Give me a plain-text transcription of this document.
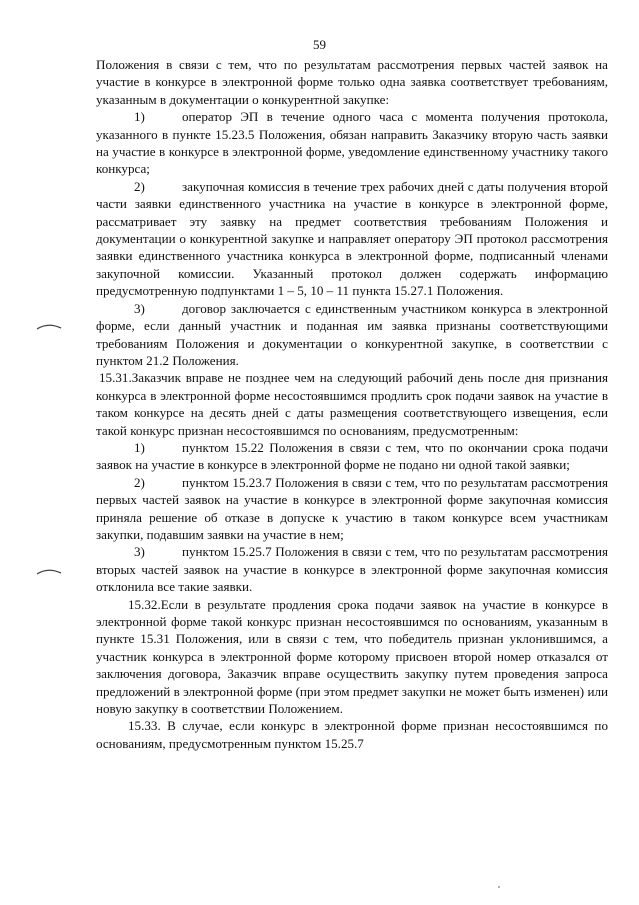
59

Положения в связи с тем, что по результатам рассмотрения первых частей заявок на участие в конкурсе в электронной форме только одна заявка соответствует требованиям, указанным в документации о конкурентной закупке:

1)	оператор ЭП в течение одного часа с момента получения протокола, указанного в пункте 15.23.5 Положения, обязан направить Заказчику вторую часть заявки на участие в конкурсе в электронной форме, уведомление единственному участнику такого конкурса;

2)	закупочная комиссия в течение трех рабочих дней с даты получения второй части заявки единственного участника на участие в конкурсе в электронной форме, рассматривает эту заявку на предмет соответствия требованиям Положения и документации о конкурентной закупке и направляет оператору ЭП протокол рассмотрения заявки единственного участника конкурса в электронной форме, подписанный членами закупочной комиссии. Указанный протокол должен содержать информацию предусмотренную подпунктами 1 – 5, 10 – 11 пункта 15.27.1 Положения.

3)	договор заключается с единственным участником конкурса в электронной форме, если данный участник и поданная им заявка признаны соответствующими требованиям Положения и документации о конкурентной закупке, в соответствии с пунктом 21.2 Положения.

15.31.Заказчик вправе не позднее чем на следующий рабочий день после дня признания конкурса в электронной форме несостоявшимся продлить срок подачи заявок на участие в таком конкурсе на десять дней с даты размещения соответствующего извещения, если такой конкурс признан несостоявшимся по основаниям, предусмотренным:

1)	пунктом 15.22 Положения в связи с тем, что по окончании срока подачи заявок на участие в конкурсе в электронной форме не подано ни одной такой заявки;

2)	пунктом 15.23.7 Положения в связи с тем, что по результатам рассмотрения первых частей заявок на участие в конкурсе в электронной форме закупочная комиссия приняла решение об отказе в допуске к участию в таком конкурсе всем участникам закупки, подавшим заявки на участие в нем;

3)	пунктом 15.25.7 Положения в связи с тем, что по результатам рассмотрения вторых частей заявок на участие в конкурсе в электронной форме закупочная комиссия отклонила все такие заявки.

15.32.Если в результате продления срока подачи заявок на участие в конкурсе в электронной форме такой конкурс признан несостоявшимся по основаниям, указанным в пункте 15.31 Положения, или в связи с тем, что победитель признан уклонившимся, а участник конкурса в электронной форме которому присвоен второй номер отказался от заключения договора, Заказчик вправе осуществить закупку путем проведения запроса предложений в электронной форме (при этом предмет закупки не может быть изменен) или новую закупку в соответствии Положением.

15.33. В случае, если конкурс в электронной форме признан несостоявшимся по основаниям, предусмотренным пунктом 15.25.7
